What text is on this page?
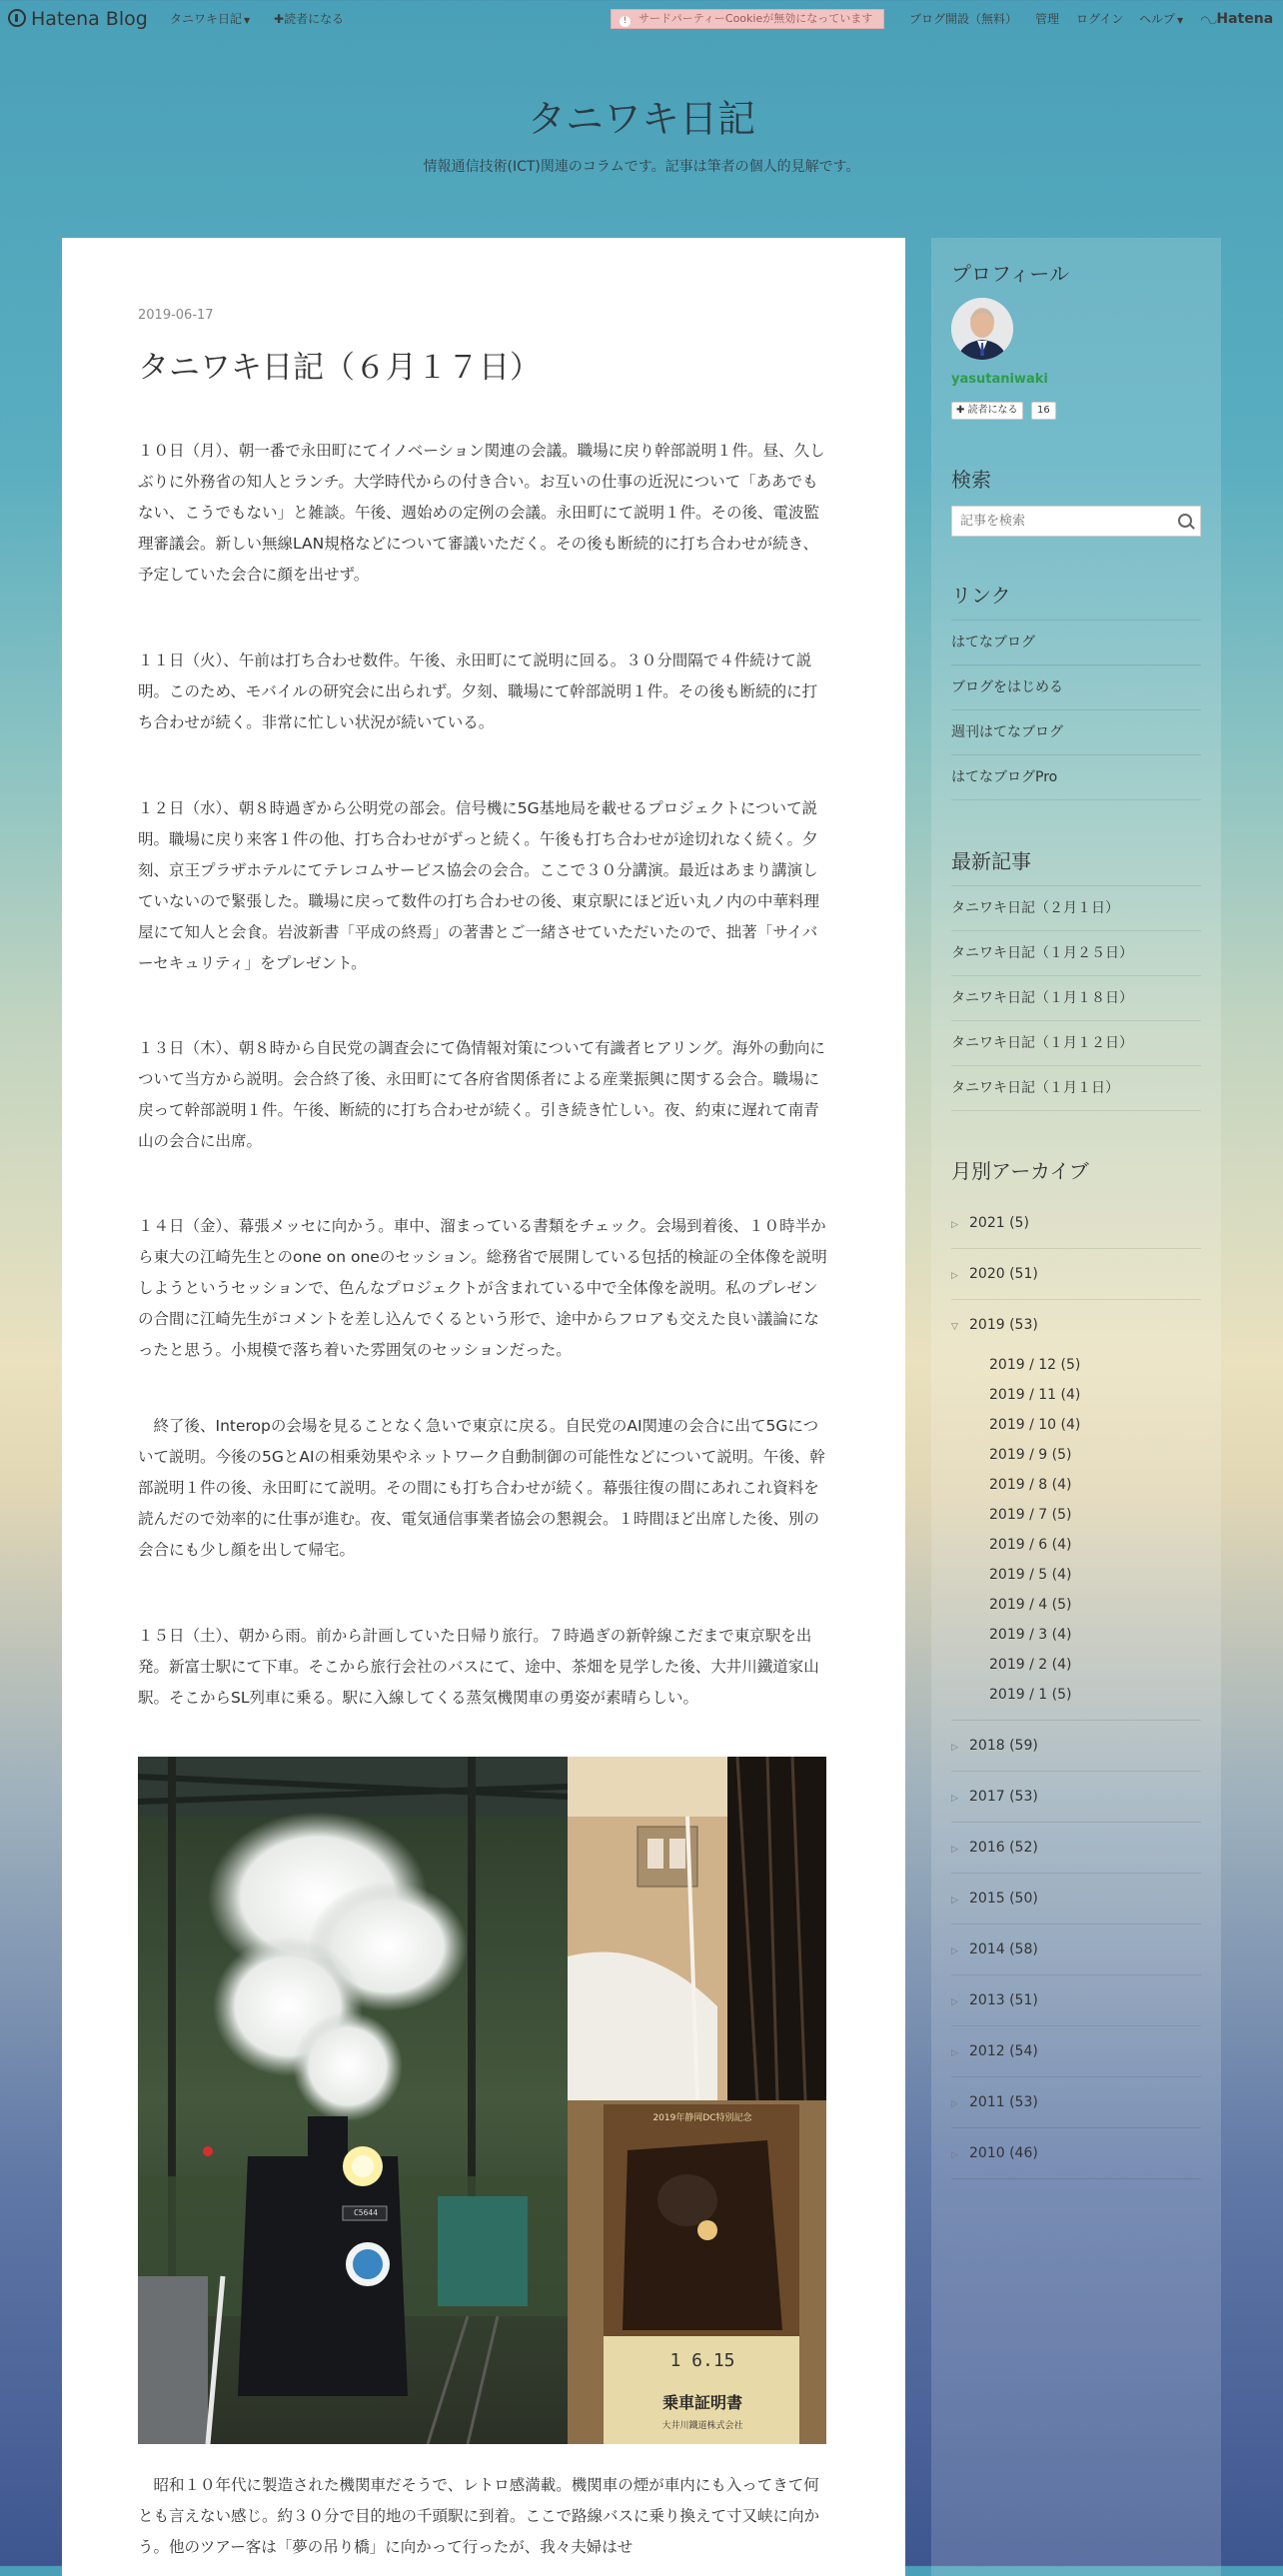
Hatena Blog タニワキ日記 ▼ ✚読者になる	! サードパーティーCookieが無効になっています	ブログ開設（無料） 管理 ログイン ヘルプ ▼ ◠◡Hatena
タニワキ日記
情報通信技術(ICT)関連のコラムです。記事は筆者の個人的見解です。
2019-06-17
タニワキ日記（６月１７日）

１０日（月）、朝一番で永田町にてイノベーション関連の会議。職場に戻り幹部説明１件。昼、久しぶりに外務省の知人とランチ。大学時代からの付き合い。お互いの仕事の近況について「ああでもない、こうでもない」と雑談。午後、週始めの定例の会議。永田町にて説明１件。その後、電波監理審議会。新しい無線LAN規格などについて審議いただく。その後も断続的に打ち合わせが続き、予定していた会合に顔を出せず。

１１日（火）、午前は打ち合わせ数件。午後、永田町にて説明に回る。３０分間隔で４件続けて説明。このため、モバイルの研究会に出られず。夕刻、職場にて幹部説明１件。その後も断続的に打ち合わせが続く。非常に忙しい状況が続いている。

１２日（水）、朝８時過ぎから公明党の部会。信号機に5G基地局を載せるプロジェクトについて説明。職場に戻り来客１件の他、打ち合わせがずっと続く。午後も打ち合わせが途切れなく続く。夕刻、京王プラザホテルにてテレコムサービス協会の会合。ここで３０分講演。最近はあまり講演していないので緊張した。職場に戻って数件の打ち合わせの後、東京駅にほど近い丸ノ内の中華料理屋にて知人と会食。岩波新書「平成の終焉」の著書とご一緒させていただいたので、拙著「サイバーセキュリティ」をプレゼント。

１３日（木）、朝８時から自民党の調査会にて偽情報対策について有識者ヒアリング。海外の動向について当方から説明。会合終了後、永田町にて各府省関係者による産業振興に関する会合。職場に戻って幹部説明１件。午後、断続的に打ち合わせが続く。引き続き忙しい。夜、約束に遅れて南青山の会合に出席。

１４日（金）、幕張メッセに向かう。車中、溜まっている書類をチェック。会場到着後、１０時半から東大の江崎先生とのone on oneのセッション。総務省で展開している包括的検証の全体像を説明しようというセッションで、色んなプロジェクトが含まれている中で全体像を説明。私のプレゼンの合間に江崎先生がコメントを差し込んでくるという形で、途中からフロアも交えた良い議論になったと思う。小規模で落ち着いた雰囲気のセッションだった。

　終了後、Interopの会場を見ることなく急いで東京に戻る。自民党のAI関連の会合に出て5Gについて説明。今後の5GとAIの相乗効果やネットワーク自動制御の可能性などについて説明。午後、幹部説明１件の後、永田町にて説明。その間にも打ち合わせが続く。幕張往復の間にあれこれ資料を読んだので効率的に仕事が進む。夜、電気通信事業者協会の懇親会。１時間ほど出席した後、別の会合にも少し顔を出して帰宅。

１５日（土）、朝から雨。前から計画していた日帰り旅行。７時過ぎの新幹線こだまで東京駅を出発。新富士駅にて下車。そこから旅行会社のバスにて、途中、茶畑を見学した後、大井川鐵道家山駅。そこからSL列車に乗る。駅に入線してくる蒸気機関車の勇姿が素晴らしい。

C5644
2019年静岡DC特別記念
1 6.15
乗車証明書
大井川鐵道株式会社

　昭和１０年代に製造された機関車だそうで、レトロ感満載。機関車の煙が車内にも入ってきて何とも言えない感じ。約３０分で目的地の千頭駅に到着。ここで路線バスに乗り換えて寸又峡に向かう。他のツアー客は「夢の吊り橋」に向かって行ったが、我々夫婦はせ

プロフィール
yasutaniwaki
✚ 読者になる	16
検索
記事を検索
リンク
はてなブログ
ブログをはじめる
週刊はてなブログ
はてなブログPro
最新記事
タニワキ日記（２月１日）
タニワキ日記（１月２５日）
タニワキ日記（１月１８日）
タニワキ日記（１月１２日）
タニワキ日記（１月１日）
月別アーカイブ
▷ 2021 (5)
▷ 2020 (51)
▽ 2019 (53)
2019 / 12 (5)
2019 / 11 (4)
2019 / 10 (4)
2019 / 9 (5)
2019 / 8 (4)
2019 / 7 (5)
2019 / 6 (4)
2019 / 5 (4)
2019 / 4 (5)
2019 / 3 (4)
2019 / 2 (4)
2019 / 1 (5)
▷ 2018 (59)
▷ 2017 (53)
▷ 2016 (52)
▷ 2015 (50)
▷ 2014 (58)
▷ 2013 (51)
▷ 2012 (54)
▷ 2011 (53)
▷ 2010 (46)
